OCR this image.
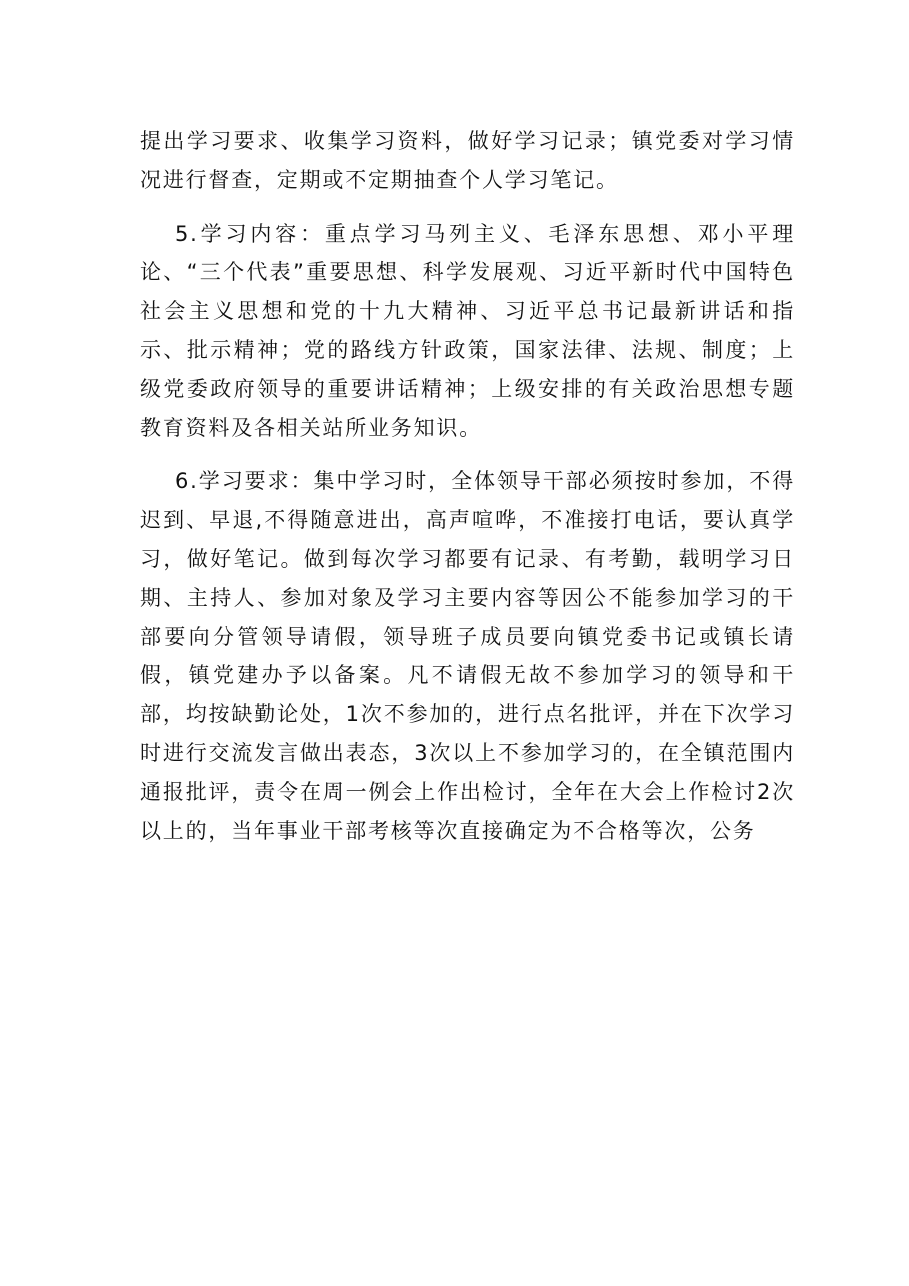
提出学习要求、收集学习资料，做好学习记录；镇党委对学习情况进行督查，定期或不定期抽查个人学习笔记。

5.学习内容：重点学习马列主义、毛泽东思想、邓小平理论、“三个代表”重要思想、科学发展观、习近平新时代中国特色社会主义思想和党的十九大精神、习近平总书记最新讲话和指示、批示精神；党的路线方针政策，国家法律、法规、制度；上级党委政府领导的重要讲话精神；上级安排的有关政治思想专题教育资料及各相关站所业务知识。

6.学习要求：集中学习时，全体领导干部必须按时参加，不得迟到、早退,不得随意进出，高声喧哗，不准接打电话，要认真学习，做好笔记。做到每次学习都要有记录、有考勤，载明学习日期、主持人、参加对象及学习主要内容等因公不能参加学习的干部要向分管领导请假，领导班子成员要向镇党委书记或镇长请假，镇党建办予以备案。凡不请假无故不参加学习的领导和干部，均按缺勤论处，1次不参加的，进行点名批评，并在下次学习时进行交流发言做出表态，3次以上不参加学习的，在全镇范围内通报批评，责令在周一例会上作出检讨，全年在大会上作检讨2次以上的，当年事业干部考核等次直接确定为不合格等次，公务
